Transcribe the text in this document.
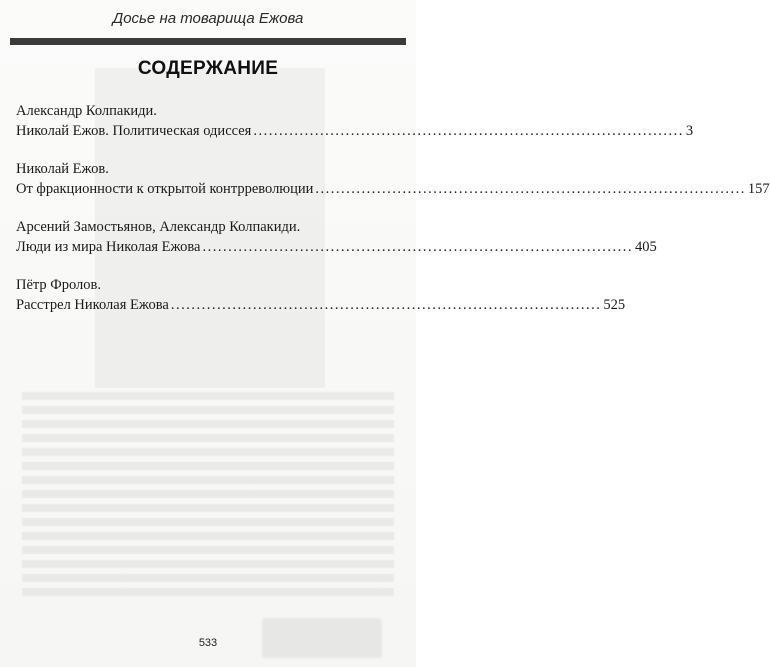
Досье на товарища Ежова
СОДЕРЖАНИЕ
Александр Колпакиди.
Николай Ежов. Политическая одиссея .................................................................................... 3
Николай Ежов.
От фракционности к открытой контрреволюции .................................................................................... 157
Арсений Замостьянов, Александр Колпакиди.
Люди из мира Николая Ежова .................................................................................... 405
Пётр Фролов.
Расстрел Николая Ежова .................................................................................... 525
533
